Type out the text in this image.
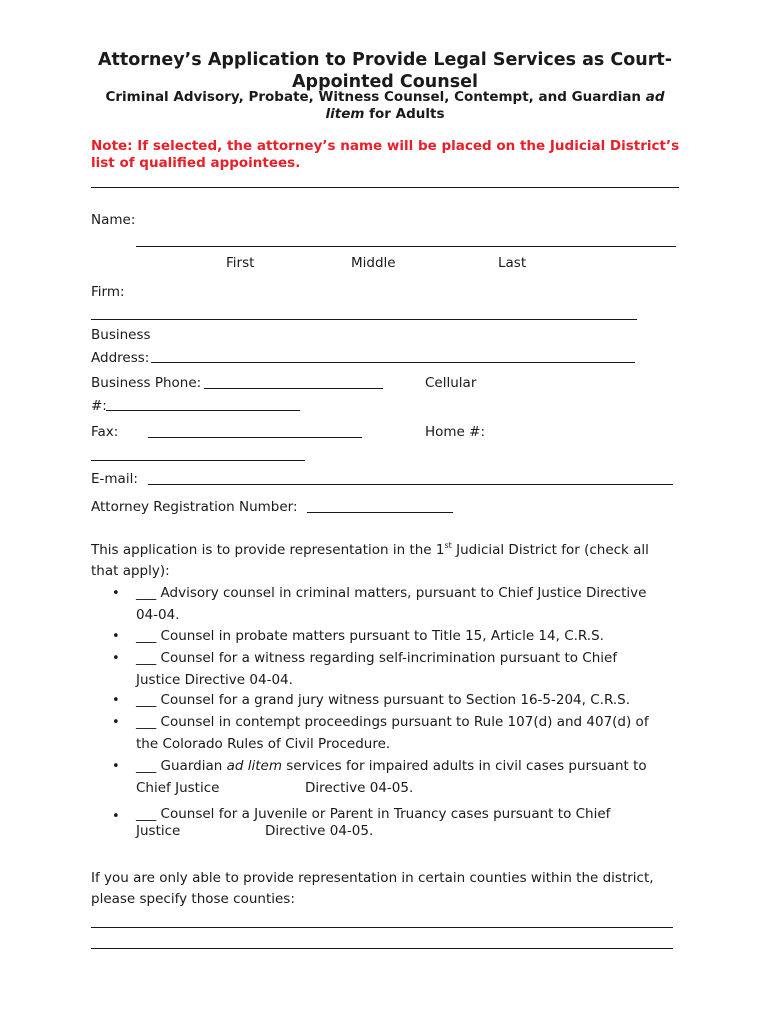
Attorney’s Application to Provide Legal Services as Court-Appointed Counsel
Criminal Advisory, Probate, Witness Counsel, Contempt, and Guardian ad litem for Adults
Note: If selected, the attorney’s name will be placed on the Judicial District’s list of qualified appointees.
Name:
First	Middle	Last
Firm:
Business
Address:
Business Phone:	Cellular
#:
Fax:	Home #:
E-mail:
Attorney Registration Number:
This application is to provide representation in the 1st Judicial District for (check all
that apply):
• ___ Advisory counsel in criminal matters, pursuant to Chief Justice Directive
04-04.
• ___ Counsel in probate matters pursuant to Title 15, Article 14, C.R.S.
• ___ Counsel for a witness regarding self-incrimination pursuant to Chief
Justice Directive 04-04.
• ___ Counsel for a grand jury witness pursuant to Section 16-5-204, C.R.S.
• ___ Counsel in contempt proceedings pursuant to Rule 107(d) and 407(d) of
the Colorado Rules of Civil Procedure.
• ___ Guardian ad litem services for impaired adults in civil cases pursuant to
Chief Justice	Directive 04-05.
• ___ Counsel for a Juvenile or Parent in Truancy cases pursuant to Chief
Justice	Directive 04-05.
If you are only able to provide representation in certain counties within the district,
please specify those counties:
